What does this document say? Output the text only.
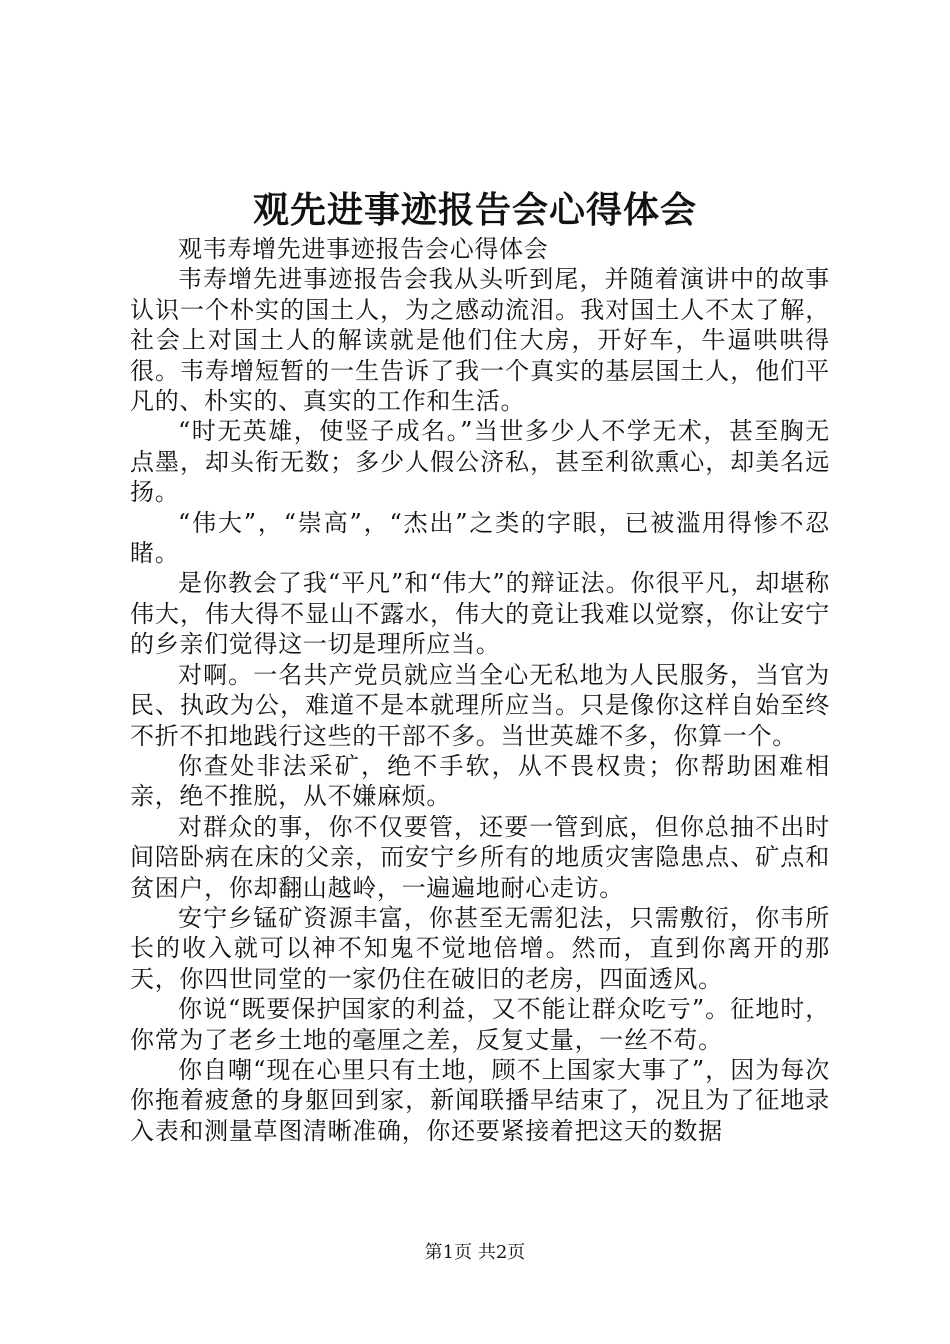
观先进事迹报告会心得体会

观韦寿增先进事迹报告会心得体会

韦寿增先进事迹报告会我从头听到尾，并随着演讲中的故事认识一个朴实的国土人，为之感动流泪。我对国土人不太了解，社会上对国土人的解读就是他们住大房，开好车，牛逼哄哄得很。韦寿增短暂的一生告诉了我一个真实的基层国土人，他们平凡的、朴实的、真实的工作和生活。

“时无英雄，使竖子成名。”当世多少人不学无术，甚至胸无点墨，却头衔无数；多少人假公济私，甚至利欲熏心，却美名远扬。

“伟大”，“崇高”，“杰出”之类的字眼，已被滥用得惨不忍睹。

是你教会了我“平凡”和“伟大”的辩证法。你很平凡，却堪称伟大，伟大得不显山不露水，伟大的竟让我难以觉察，你让安宁的乡亲们觉得这一切是理所应当。

对啊。一名共产党员就应当全心无私地为人民服务，当官为民、执政为公，难道不是本就理所应当。只是像你这样自始至终不折不扣地践行这些的干部不多。当世英雄不多，你算一个。

你查处非法采矿，绝不手软，从不畏权贵；你帮助困难相亲，绝不推脱，从不嫌麻烦。

对群众的事，你不仅要管，还要一管到底，但你总抽不出时间陪卧病在床的父亲，而安宁乡所有的地质灾害隐患点、矿点和贫困户，你却翻山越岭，一遍遍地耐心走访。

安宁乡锰矿资源丰富，你甚至无需犯法，只需敷衍，你韦所长的收入就可以神不知鬼不觉地倍增。然而，直到你离开的那天，你四世同堂的一家仍住在破旧的老房，四面透风。

你说“既要保护国家的利益，又不能让群众吃亏”。征地时，你常为了老乡土地的毫厘之差，反复丈量，一丝不苟。

你自嘲“现在心里只有土地，顾不上国家大事了”，因为每次你拖着疲惫的身躯回到家，新闻联播早结束了，况且为了征地录入表和测量草图清晰准确，你还要紧接着把这天的数据

第1页 共2页
